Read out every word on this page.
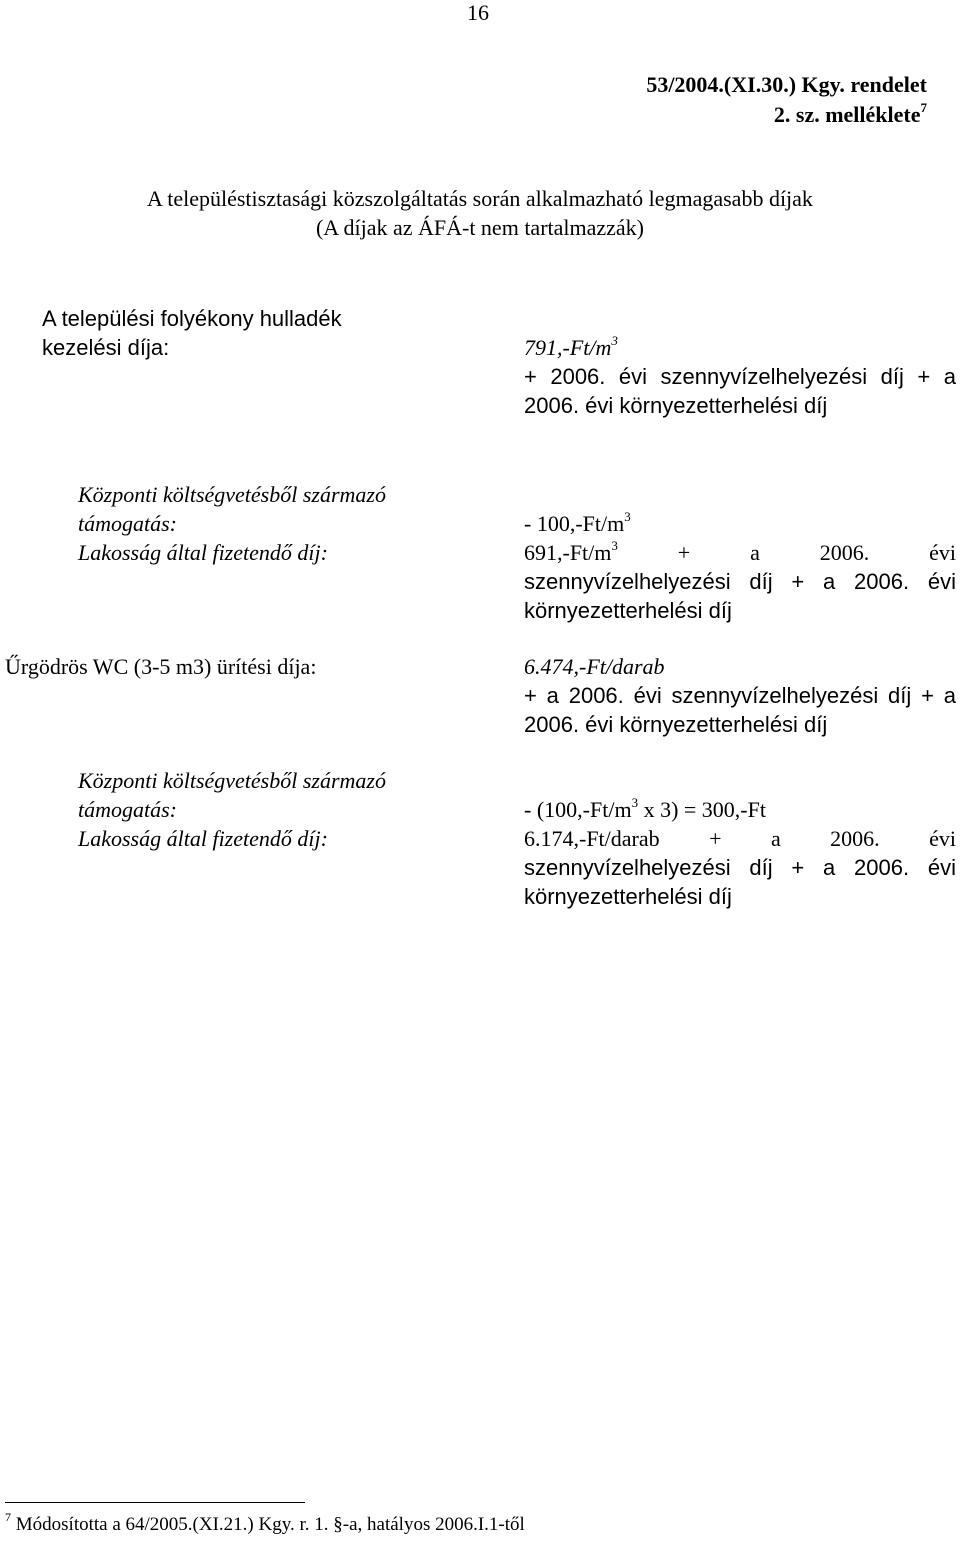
16
53/2004.(XI.30.) Kgy. rendelet
2. sz. melléklete$^7$
A településtisztasági közszolgáltatás során alkalmazható legmagasabb díjak
(A díjak az ÁFÁ-t nem tartalmazzák)
A települési folyékony hulladék
kezelési díja:	$791,-Ft/m^3$
+ 2006. évi szennyvízelhelyezési díj + a
2006. évi környezetterhelési díj
Központi költségvetésből származó
támogatás:	- $100,-Ft/m^3$
Lakosság által fizetendő díj:	$691,-Ft/m^3 + a$ 2006. évi
szennyvízelhelyezési díj + a 2006. évi
környezetterhelési díj
Űrgödrös WC (3-5 m3) ürítési díja:	6.474,-Ft/darab
+ a 2006. évi szennyvízelhelyezési díj + a
2006. évi környezetterhelési díj
Központi költségvetésből származó
támogatás:	- ($100,-Ft/m^3$ x 3) = 300,-Ft
Lakosság által fizetendő díj:	6.174,-Ft/darab + a 2006. évi
szennyvízelhelyezési díj + a 2006. évi
környezetterhelési díj
$^7$ Módosította a 64/2005.(XI.21.) Kgy. r. 1. §-a, hatályos 2006.I.1-től
